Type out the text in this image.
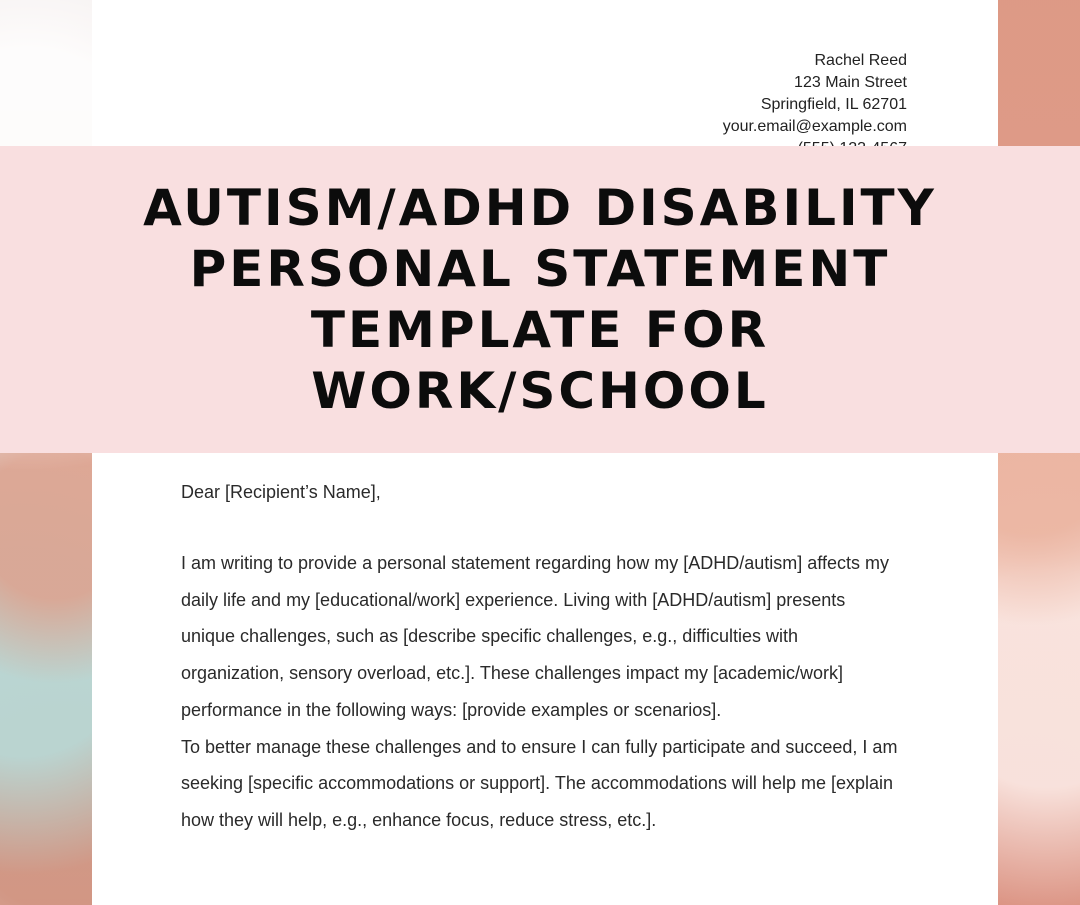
Rachel Reed
123 Main Street
Springfield, IL 62701
your.email@example.com

Dear [Recipient’s Name],

I am writing to provide a personal statement regarding how my [ADHD/autism] affects my daily life and my [educational/work] experience. Living with [ADHD/autism] presents unique challenges, such as [describe specific challenges, e.g., difficulties with organization, sensory overload, etc.]. These challenges impact my [academic/work] performance in the following ways: [provide examples or scenarios].

To better manage these challenges and to ensure I can fully participate and succeed, I am seeking [specific accommodations or support]. The accommodations will help me [explain how they will help, e.g., enhance focus, reduce stress, etc.].

AUTISM/ADHD DISABILITY
PERSONAL STATEMENT
TEMPLATE FOR
WORK/SCHOOL
